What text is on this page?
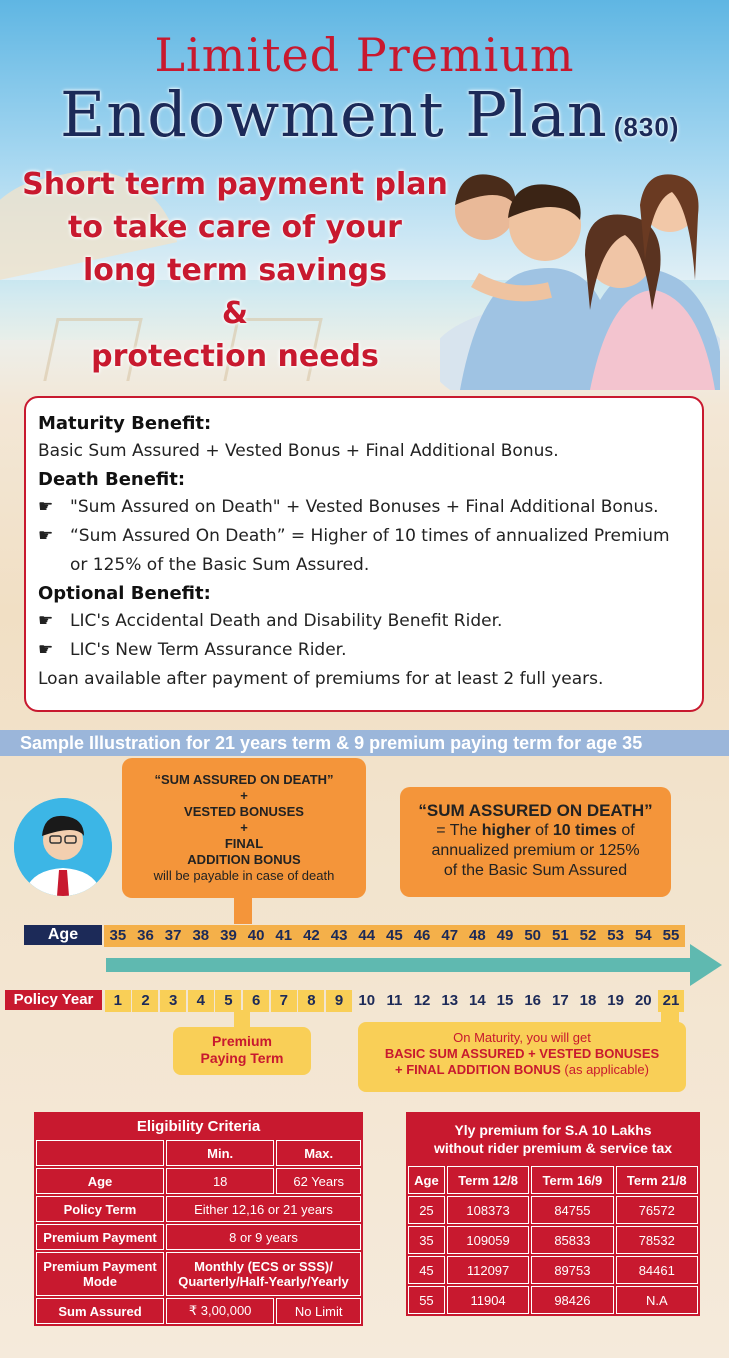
Limited Premium
Endowment Plan (830)
Short term payment plan
to take care of your
long term savings
&
protection needs
Maturity Benefit:

Basic Sum Assured + Vested Bonus + Final Additional Bonus.

Death Benefit:
☛ "Sum Assured on Death" + Vested Bonuses + Final Additional Bonus.
☛ “Sum Assured On Death” = Higher of 10 times of annualized Premium or 125% of the Basic Sum Assured.
Optional Benefit:
☛ LIC's Accidental Death and Disability Benefit Rider.
☛ LIC's New Term Assurance Rider.

Loan available after payment of premiums for at least 2 full years.

Sample Illustration for 21 years term & 9 premium paying term for age 35
“SUM ASSURED ON DEATH”
+
VESTED BONUSES
+
FINAL
ADDITION BONUS
will be payable in case of death
“SUM ASSURED ON DEATH”
= The higher of 10 times of
annualized premium or 125%
of the Basic Sum Assured
Age	35 36 37 38 39 40 41 42 43 44 45 46 47 48 49 50 51 52 53 54 55
Policy Year	1	2	3	4	5	6	7	8	9	10 11 12 13 14 15 16 17 18 19 20 21
Premium
Paying Term
On Maturity, you will get
BASIC SUM ASSURED + VESTED BONUSES
+ FINAL ADDITION BONUS (as applicable)
Eligibility Criteria		
	Min.	Max.
Age	18	62 Years
Policy Term	Either 12,16 or 21 years	
Premium Payment	8 or 9 years	
Premium Payment Mode	Monthly (ECS or SSS)/ Quarterly/Half-Yearly/Yearly	
Sum Assured	₹ 3,00,000	No Limit
Yly premium for S.A 10 Lakhs
without rider premium & service tax			

Age	Term 12/8	Term 16/9	Term 21/8
25	108373	84755	76572
35	109059	85833	78532
45	112097	89753	84461
55	11904	98426	N.A
